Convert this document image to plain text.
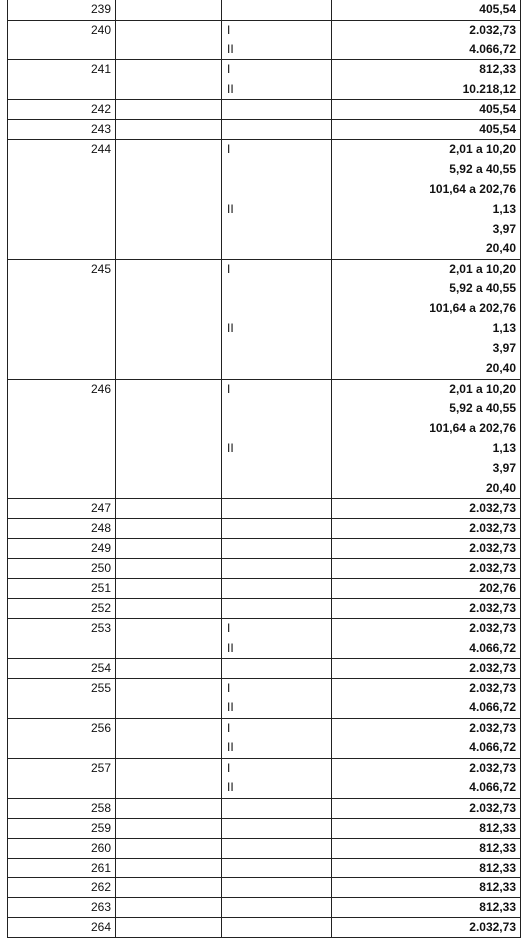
239			405,54
240		I	2.032,73
		II	4.066,72
241		I	812,33
		II	10.218,12
242			405,54
243			405,54
244		I	2,01 a 10,20
			5,92 a 40,55
			101,64 a 202,76
		II	1,13
			3,97
			20,40
245		I	2,01 a 10,20
			5,92 a 40,55
			101,64 a 202,76
		II	1,13
			3,97
			20,40
246		I	2,01 a 10,20
			5,92 a 40,55
			101,64 a 202,76
		II	1,13
			3,97
			20,40
247			2.032,73
248			2.032,73
249			2.032,73
250			2.032,73
251			202,76
252			2.032,73
253		I	2.032,73
		II	4.066,72
254			2.032,73
255		I	2.032,73
		II	4.066,72
256		I	2.032,73
		II	4.066,72
257		I	2.032,73
		II	4.066,72
258			2.032,73
259			812,33
260			812,33
261			812,33
262			812,33
263			812,33
264			2.032,73
